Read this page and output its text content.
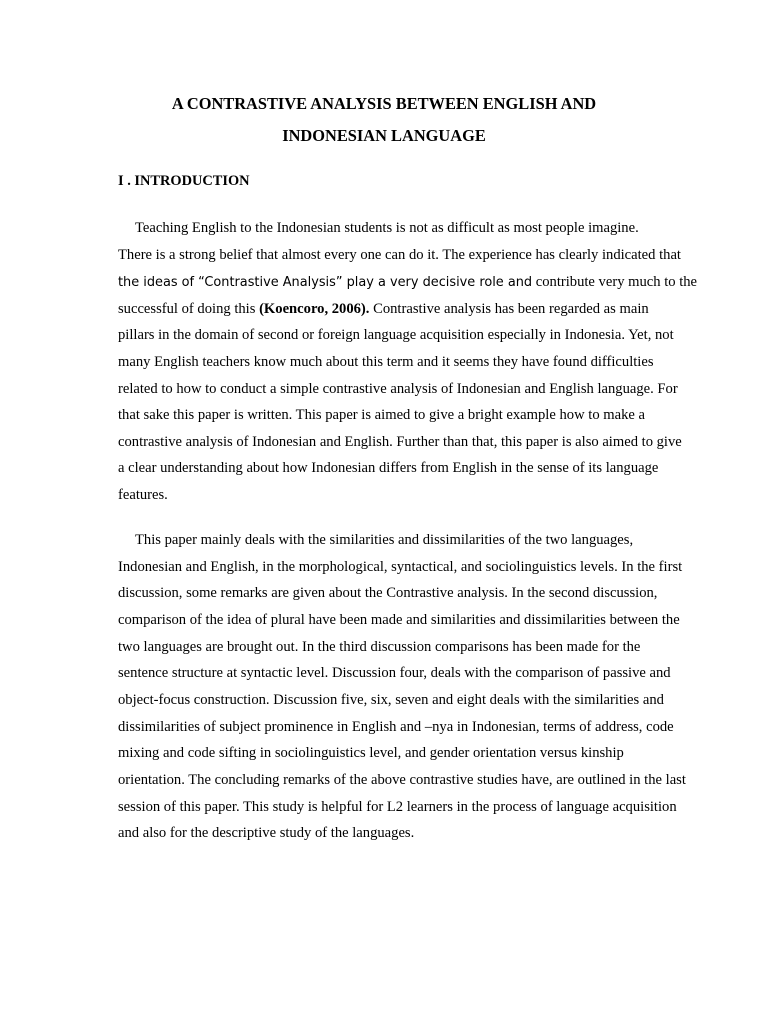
A CONTRASTIVE ANALYSIS BETWEEN ENGLISH AND
INDONESIAN LANGUAGE
I . INTRODUCTION

Teaching English to the Indonesian students is not as difficult as most people imagine.

There is a strong belief that almost every one can do it. The experience has clearly indicated that

the ideas of “Contrastive Analysis” play a very decisive role and contribute very much to the

successful of doing this (Koencoro, 2006). Contrastive analysis has been regarded as main

pillars in the domain of second or foreign language acquisition especially in Indonesia. Yet, not

many English teachers know much about this term and it seems they have found difficulties

related to how to conduct a simple contrastive analysis of Indonesian and English language. For

that sake this paper is written. This paper is aimed to give a bright example how to make a

contrastive analysis of Indonesian and English. Further than that, this paper is also aimed to give

a clear understanding about how Indonesian differs from English in the sense of its language

features.

This paper mainly deals with the similarities and dissimilarities of the two languages,

Indonesian and English, in the morphological, syntactical, and sociolinguistics levels. In the first

discussion, some remarks are given about the Contrastive analysis. In the second discussion,

comparison of the idea of plural have been made and similarities and dissimilarities between the

two languages are brought out. In the third discussion comparisons has been made for the

sentence structure at syntactic level. Discussion four, deals with the comparison of passive and

object-focus construction. Discussion five, six, seven and eight deals with the similarities and

dissimilarities of subject prominence in English and –nya in Indonesian, terms of address, code

mixing and code sifting in sociolinguistics level, and gender orientation versus kinship

orientation. The concluding remarks of the above contrastive studies have, are outlined in the last

session of this paper. This study is helpful for L2 learners in the process of language acquisition

and also for the descriptive study of the languages.
